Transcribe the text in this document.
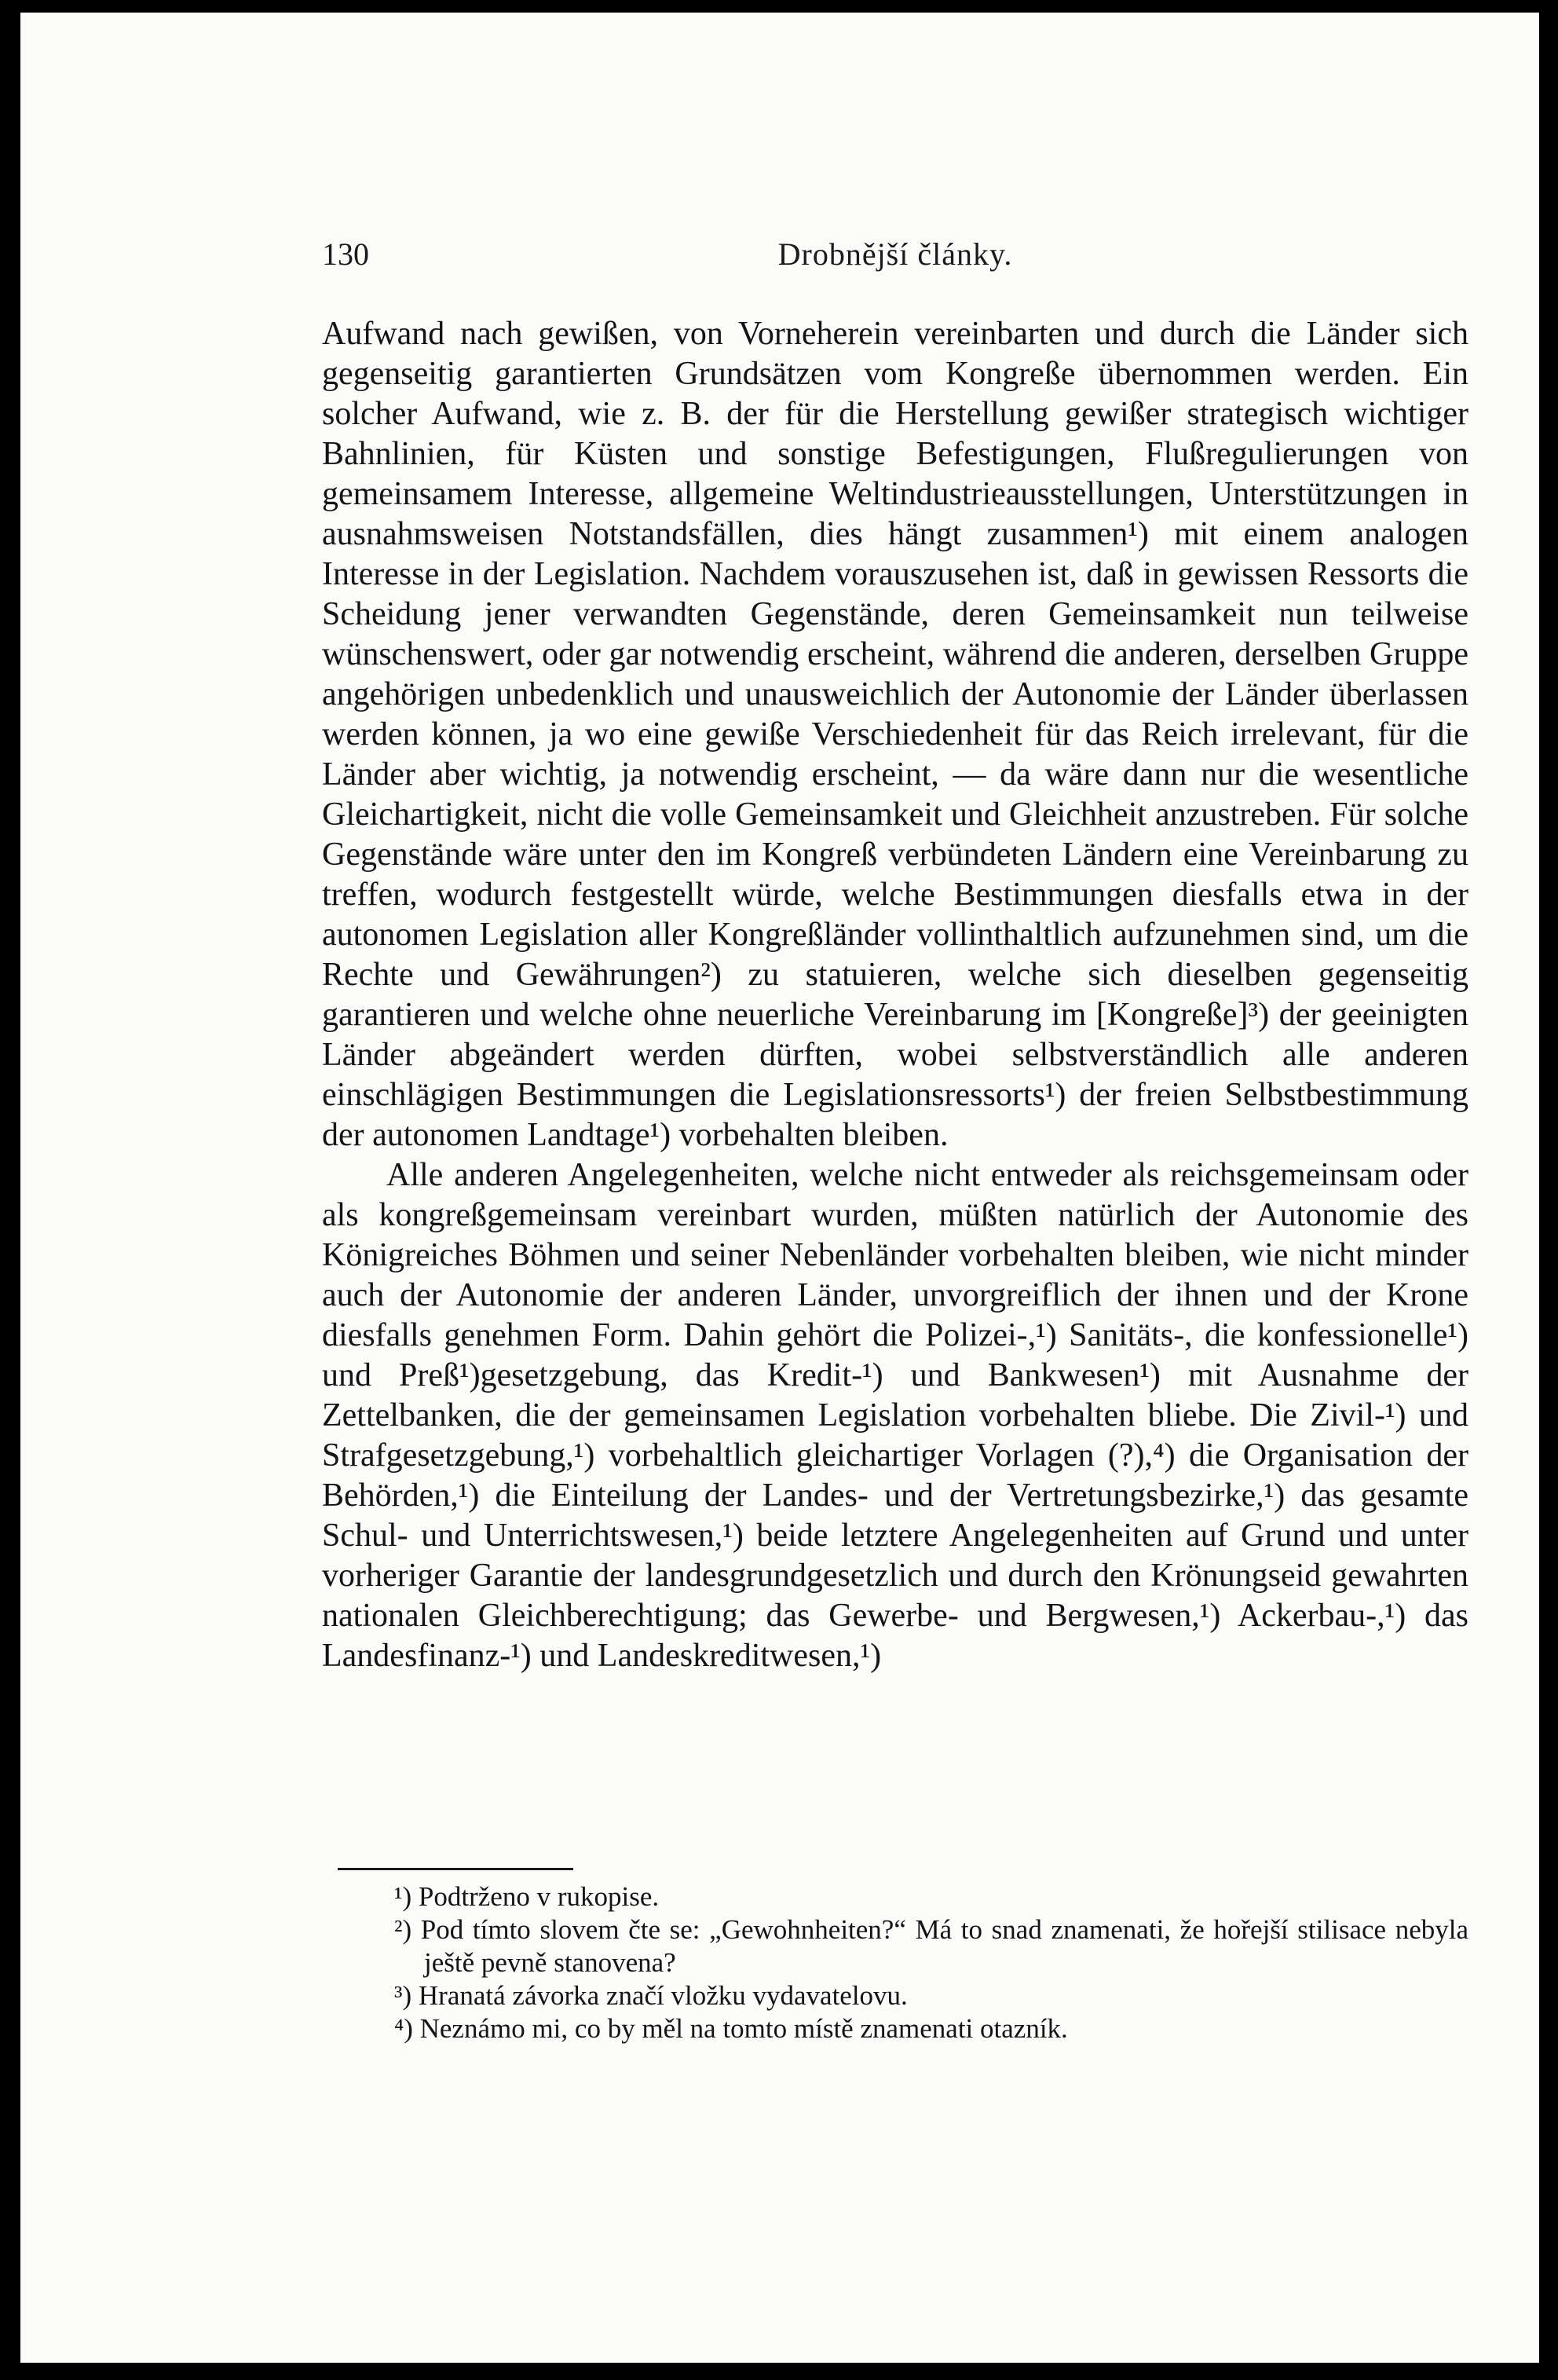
Drobnější články.
130

Aufwand nach gewißen, von Vorneherein vereinbarten und durch die Länder sich gegenseitig garantierten Grundsätzen vom Kongreße übernommen werden. Ein solcher Aufwand, wie z. B. der für die Herstellung gewißer strategisch wichtiger Bahnlinien, für Küsten und sonstige Befestigungen, Flußregulierungen von gemeinsamem Interesse, allgemeine Weltindustrieausstellungen, Unterstützungen in ausnahmsweisen Notstandsfällen, dies hängt zusammen¹) mit einem analogen Interesse in der Legislation. Nachdem vorauszusehen ist, daß in gewissen Ressorts die Scheidung jener verwandten Gegenstände, deren Gemeinsamkeit nun teilweise wünschenswert, oder gar notwendig erscheint, während die anderen, derselben Gruppe angehörigen unbedenklich und unausweichlich der Autonomie der Länder überlassen werden können, ja wo eine gewiße Verschiedenheit für das Reich irrelevant, für die Länder aber wichtig, ja notwendig erscheint, — da wäre dann nur die wesentliche Gleichartigkeit, nicht die volle Gemeinsamkeit und Gleichheit anzustreben. Für solche Gegenstände wäre unter den im Kongreß verbündeten Ländern eine Vereinbarung zu treffen, wodurch festgestellt würde, welche Bestimmungen diesfalls etwa in der autonomen Legislation aller Kongreßländer vollinthaltlich aufzunehmen sind, um die Rechte und Gewährungen²) zu statuieren, welche sich dieselben gegenseitig garantieren und welche ohne neuerliche Vereinbarung im [Kongreße]³) der geeinigten Länder abgeändert werden dürften, wobei selbstverständlich alle anderen einschlägigen Bestimmungen die Legislationsressorts¹) der freien Selbstbestimmung der autonomen Landtage¹) vorbehalten bleiben.

Alle anderen Angelegenheiten, welche nicht entweder als reichsgemeinsam oder als kongreßgemeinsam vereinbart wurden, müßten natürlich der Autonomie des Königreiches Böhmen und seiner Nebenländer vorbehalten bleiben, wie nicht minder auch der Autonomie der anderen Länder, unvorgreiflich der ihnen und der Krone diesfalls genehmen Form. Dahin gehört die Polizei-,¹) Sanitäts-, die konfessionelle¹) und Preß¹)gesetzgebung, das Kredit-¹) und Bankwesen¹) mit Ausnahme der Zettelbanken, die der gemeinsamen Legislation vorbehalten bliebe. Die Zivil-¹) und Strafgesetzgebung,¹) vorbehaltlich gleichartiger Vorlagen (?),⁴) die Organisation der Behörden,¹) die Einteilung der Landes- und der Vertretungsbezirke,¹) das gesamte Schul- und Unterrichtswesen,¹) beide letztere Angelegenheiten auf Grund und unter vorheriger Garantie der landesgrundgesetzlich und durch den Krönungseid gewahrten nationalen Gleichberechtigung; das Gewerbe- und Bergwesen,¹) Ackerbau-,¹) das Landesfinanz-¹) und Landeskreditwesen,¹)

¹) Podtrženo v rukopise.

²) Pod tímto slovem čte se: „Gewohnheiten?“ Má to snad znamenati, že hořejší stilisace nebyla ještě pevně stanovena?

³) Hranatá závorka značí vložku vydavatelovu.

⁴) Neznámo mi, co by měl na tomto místě znamenati otazník.
